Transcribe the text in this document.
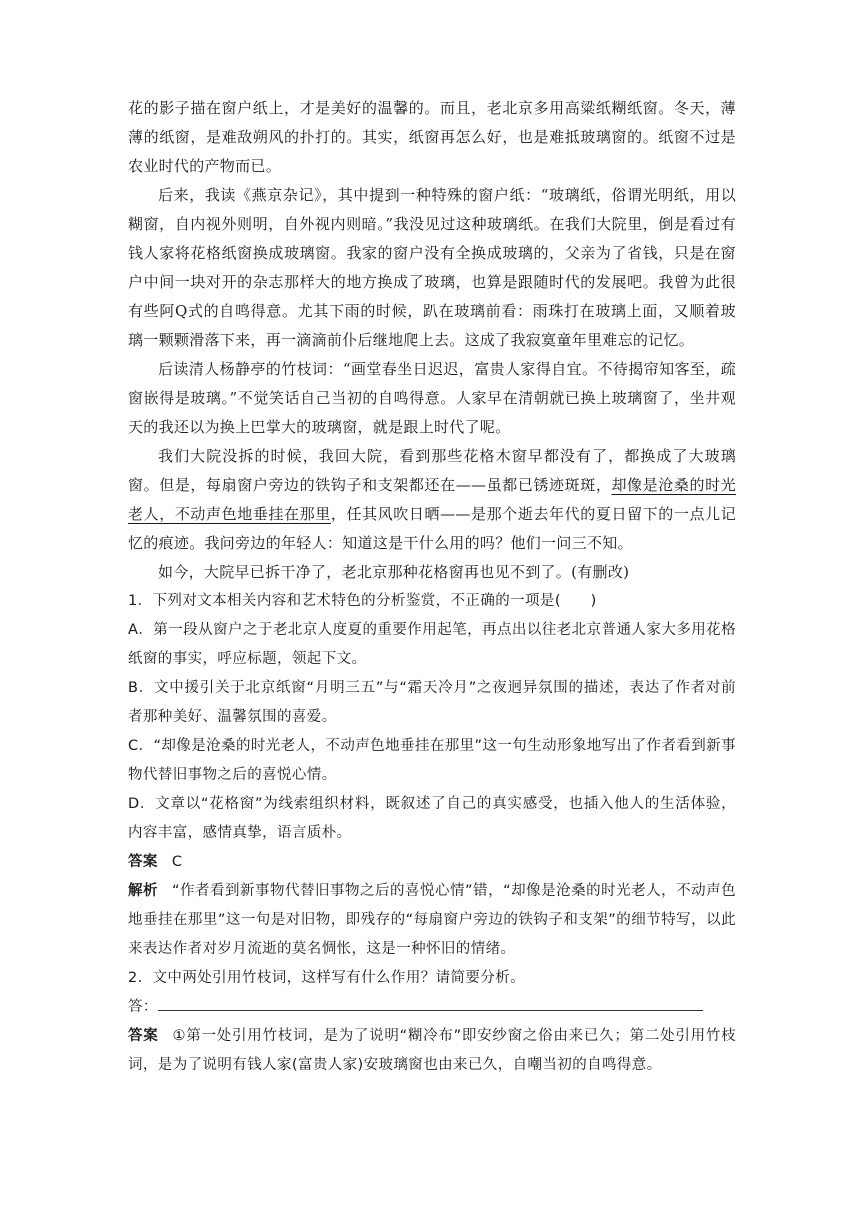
花的影子描在窗户纸上，才是美好的温馨的。而且，老北京多用高粱纸糊纸窗。冬天，薄薄的纸窗，是难敌朔风的扑打的。其实，纸窗再怎么好，也是难抵玻璃窗的。纸窗不过是农业时代的产物而已。

后来，我读《燕京杂记》，其中提到一种特殊的窗户纸：“玻璃纸，俗谓光明纸，用以糊窗，自内视外则明，自外视内则暗。”我没见过这种玻璃纸。在我们大院里，倒是看过有钱人家将花格纸窗换成玻璃窗。我家的窗户没有全换成玻璃的，父亲为了省钱，只是在窗户中间一块对开的杂志那样大的地方换成了玻璃，也算是跟随时代的发展吧。我曾为此很有些阿Q式的自鸣得意。尤其下雨的时候，趴在玻璃前看：雨珠打在玻璃上面，又顺着玻璃一颗颗滑落下来，再一滴滴前仆后继地爬上去。这成了我寂寞童年里难忘的记忆。

后读清人杨静亭的竹枝词：“画堂春坐日迟迟，富贵人家得自宜。不待揭帘知客至，疏窗嵌得是玻璃。”不觉笑话自己当初的自鸣得意。人家早在清朝就已换上玻璃窗了，坐井观天的我还以为换上巴掌大的玻璃窗，就是跟上时代了呢。

我们大院没拆的时候，我回大院，看到那些花格木窗早都没有了，都换成了大玻璃窗。但是，每扇窗户旁边的铁钩子和支架都还在——虽都已锈迹斑斑，却像是沧桑的时光老人，不动声色地垂挂在那里，任其风吹日晒——是那个逝去年代的夏日留下的一点儿记忆的痕迹。我问旁边的年轻人：知道这是干什么用的吗？他们一问三不知。

如今，大院早已拆干净了，老北京那种花格窗再也见不到了。(有删改)

1．下列对文本相关内容和艺术特色的分析鉴赏，不正确的一项是(　　)

A．第一段从窗户之于老北京人度夏的重要作用起笔，再点出以往老北京普通人家大多用花格纸窗的事实，呼应标题，领起下文。

B．文中援引关于北京纸窗“月明三五”与“霜天冷月”之夜迥异氛围的描述，表达了作者对前者那种美好、温馨氛围的喜爱。

C．“却像是沧桑的时光老人，不动声色地垂挂在那里”这一句生动形象地写出了作者看到新事物代替旧事物之后的喜悦心情。

D．文章以“花格窗”为线索组织材料，既叙述了自己的真实感受，也插入他人的生活体验，内容丰富，感情真挚，语言质朴。

答案 C

解析 “作者看到新事物代替旧事物之后的喜悦心情”错，“却像是沧桑的时光老人，不动声色地垂挂在那里”这一句是对旧物，即残存的“每扇窗户旁边的铁钩子和支架”的细节特写，以此来表达作者对岁月流逝的莫名惆怅，这是一种怀旧的情绪。

2．文中两处引用竹枝词，这样写有什么作用？请简要分析。

答：

答案 ①第一处引用竹枝词，是为了说明“糊冷布”即安纱窗之俗由来已久；第二处引用竹枝词，是为了说明有钱人家(富贵人家)安玻璃窗也由来已久，自嘲当初的自鸣得意。
